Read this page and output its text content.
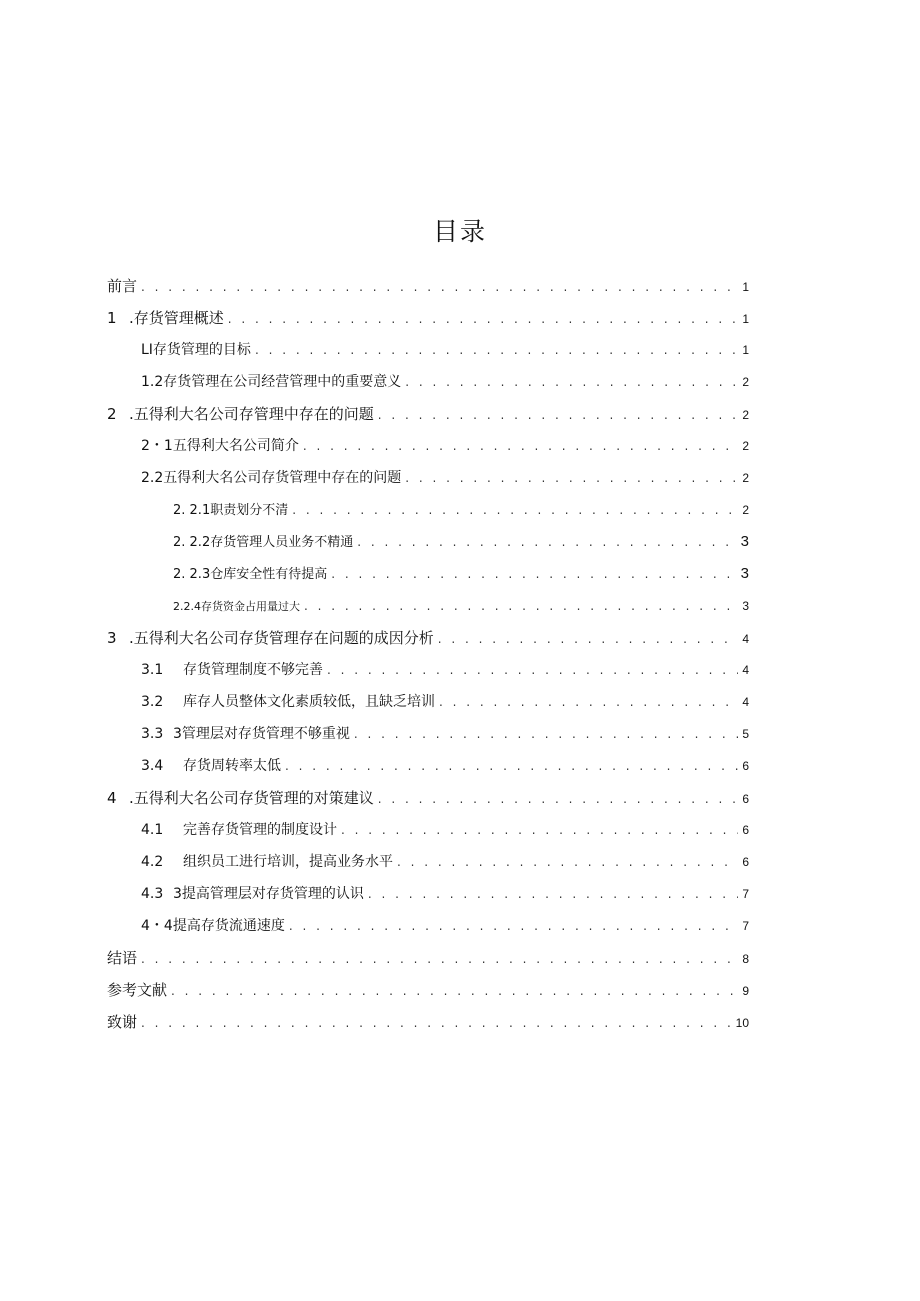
目录
前言 . . .	1
1 .存货管理概述 . . .	1
LI存货管理的目标 . . .	1
1.2存货管理在公司经营管理中的重要意义 . . .	2
2 .五得利大名公司存管理中存在的问题 . . .	2
2・1五得利大名公司简介 . . .	2
2.2五得利大名公司存货管理中存在的问题 . . .	2
2. 2.1职责划分不清 . . .	2
2. 2.2存货管理人员业务不精通 . . .	3
2. 2.3仓库安全性有待提高 . . .	3
2.2.4存货资金占用量过大 . . .	3
3 .五得利大名公司存货管理存在问题的成因分析 . . .	4
3.1	存货管理制度不够完善 . . .	4
3.2	库存人员整体文化素质较低，且缺乏培训 . . .	4
3.3 3管理层对存货管理不够重视 . . .	5
3.4	存货周转率太低 . . .	6
4 .五得利大名公司存货管理的对策建议 . . .	6
4.1	完善存货管理的制度设计 . . .	6
4.2	组织员工进行培训，提高业务水平 . . .	6
4.3 3提高管理层对存货管理的认识 . . .	7
4・4提高存货流通速度 . . .	7
结语 . . .	8
参考文献 . . .	9
致谢 . . .	10
